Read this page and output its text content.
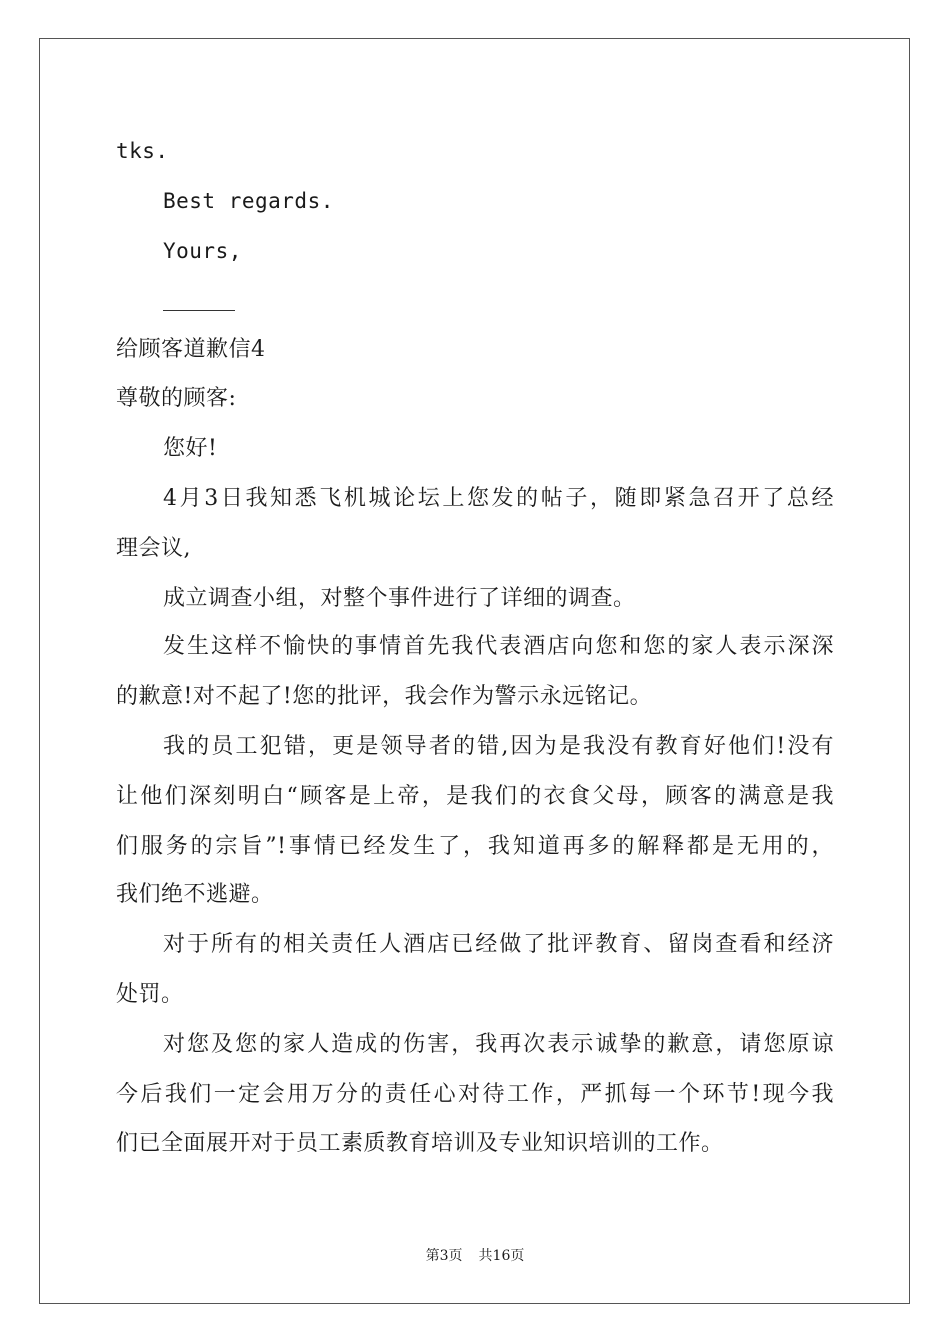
tks.
Best regards.
Yours,
给顾客道歉信4
尊敬的顾客:
您好!
4月3日我知悉飞机城论坛上您发的帖子，随即紧急召开了总经
理会议,
成立调查小组，对整个事件进行了详细的调查。
发生这样不愉快的事情首先我代表酒店向您和您的家人表示深深
的歉意!对不起了!您的批评，我会作为警示永远铭记。
我的员工犯错，更是领导者的错,因为是我没有教育好他们!没有
让他们深刻明白“顾客是上帝，是我们的衣食父母，顾客的满意是我
们服务的宗旨”!事情已经发生了，我知道再多的解释都是无用的，
我们绝不逃避。
对于所有的相关责任人酒店已经做了批评教育、留岗查看和经济
处罚。
对您及您的家人造成的伤害，我再次表示诚挚的歉意，请您原谅
今后我们一定会用万分的责任心对待工作，严抓每一个环节!现今我
们已全面展开对于员工素质教育培训及专业知识培训的工作。
第3页 共16页
